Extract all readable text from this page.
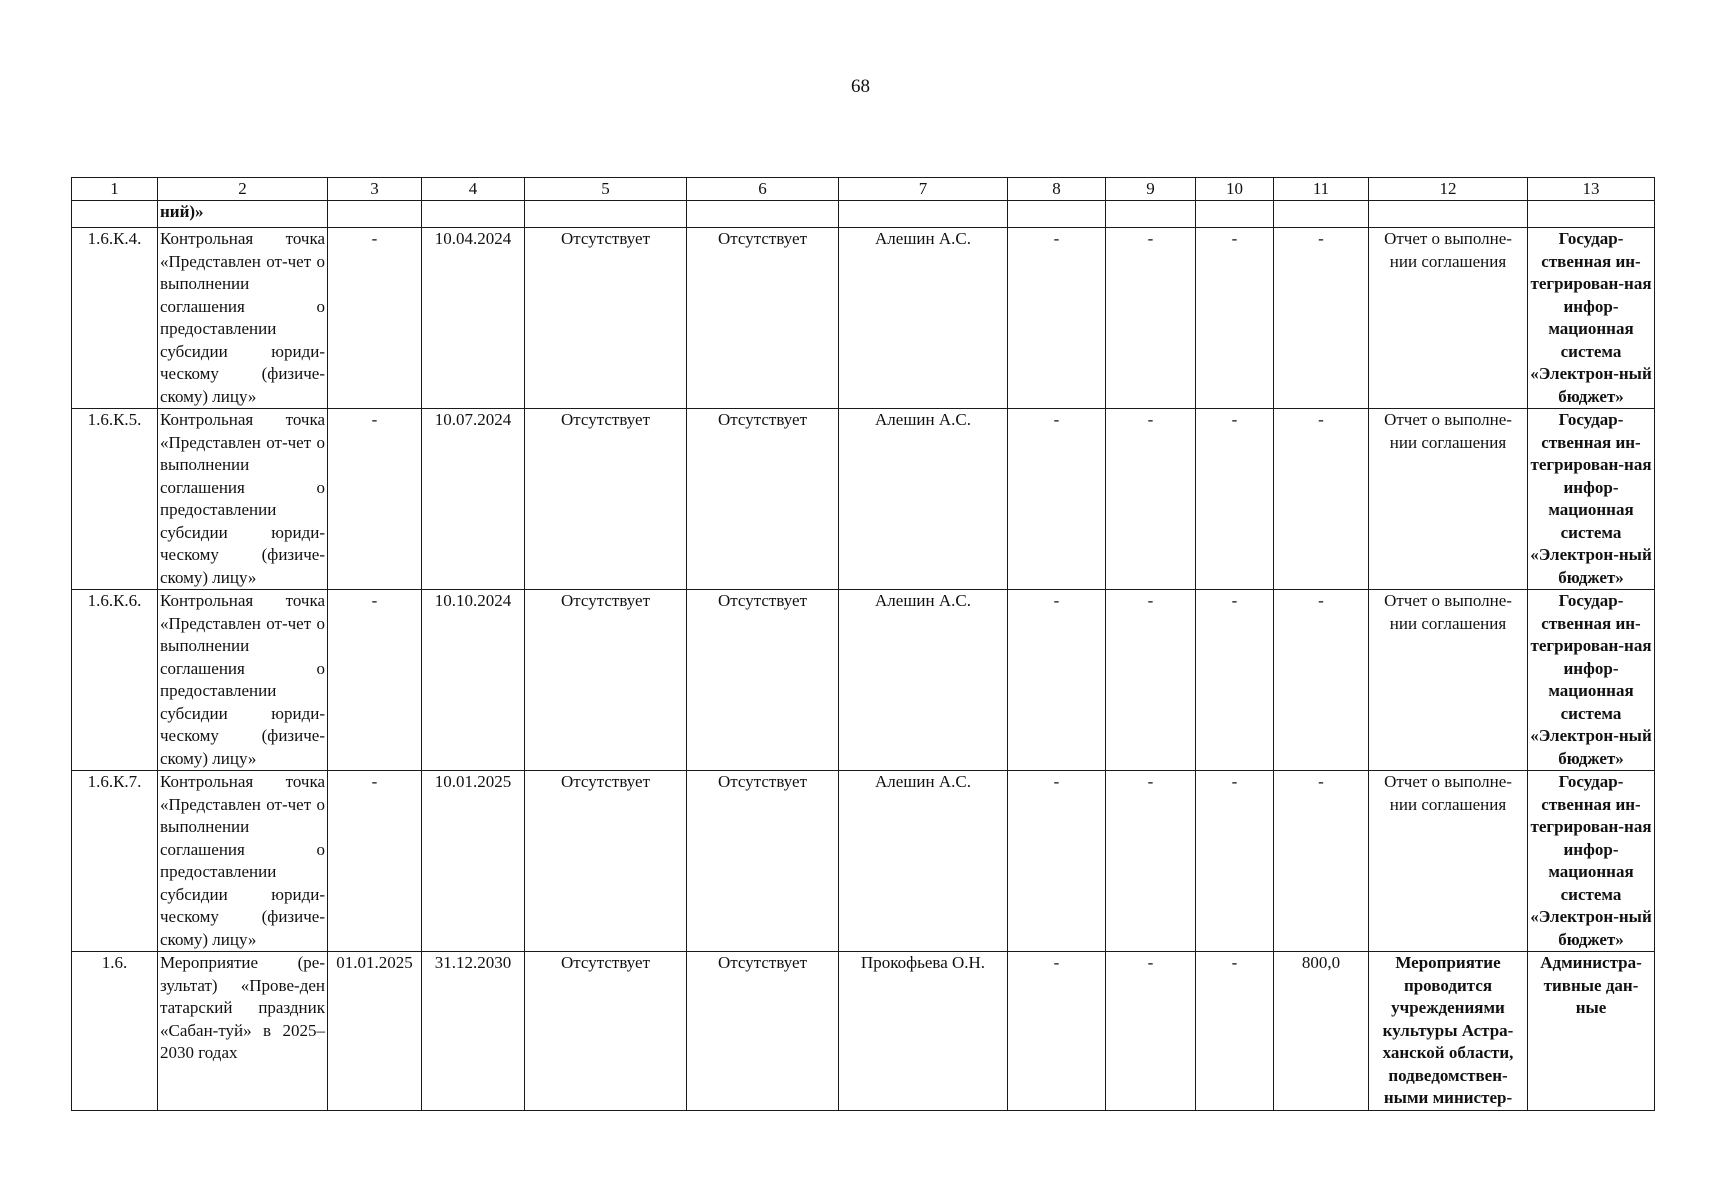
68
1	2	3	4	5	6	7	8	9	10	11	12	13
	ний)»											
1.6.К.4.	Контрольная точка «Представлен от-чет о выполнении соглашения о предоставлении субсидии юриди-ческому (физиче-скому) лицу»	-	10.04.2024	Отсутствует	Отсутствует	Алешин А.С.	-	-	-	-	Отчет о выполне-нии соглашения	Государ-ственная ин-тегрирован-ная инфор-мационная система «Электрон-ный бюджет»
1.6.К.5.	Контрольная точка «Представлен от-чет о выполнении соглашения о предоставлении субсидии юриди-ческому (физиче-скому) лицу»	-	10.07.2024	Отсутствует	Отсутствует	Алешин А.С.	-	-	-	-	Отчет о выполне-нии соглашения	Государ-ственная ин-тегрирован-ная инфор-мационная система «Электрон-ный бюджет»
1.6.К.6.	Контрольная точка «Представлен от-чет о выполнении соглашения о предоставлении субсидии юриди-ческому (физиче-скому) лицу»	-	10.10.2024	Отсутствует	Отсутствует	Алешин А.С.	-	-	-	-	Отчет о выполне-нии соглашения	Государ-ственная ин-тегрирован-ная инфор-мационная система «Электрон-ный бюджет»
1.6.К.7.	Контрольная точка «Представлен от-чет о выполнении соглашения о предоставлении субсидии юриди-ческому (физиче-скому) лицу»	-	10.01.2025	Отсутствует	Отсутствует	Алешин А.С.	-	-	-	-	Отчет о выполне-нии соглашения	Государ-ственная ин-тегрирован-ная инфор-мационная система «Электрон-ный бюджет»
1.6.	Мероприятие (ре-зультат) «Прове-ден татарский праздник «Сабан-туй» в 2025–2030 годах	01.01.2025	31.12.2030	Отсутствует	Отсутствует	Прокофьева О.Н.	-	-	-	800,0	Мероприятие проводится учреждениями культуры Астра-ханской области, подведомствен-ными министер-	Администра-тивные дан-ные
